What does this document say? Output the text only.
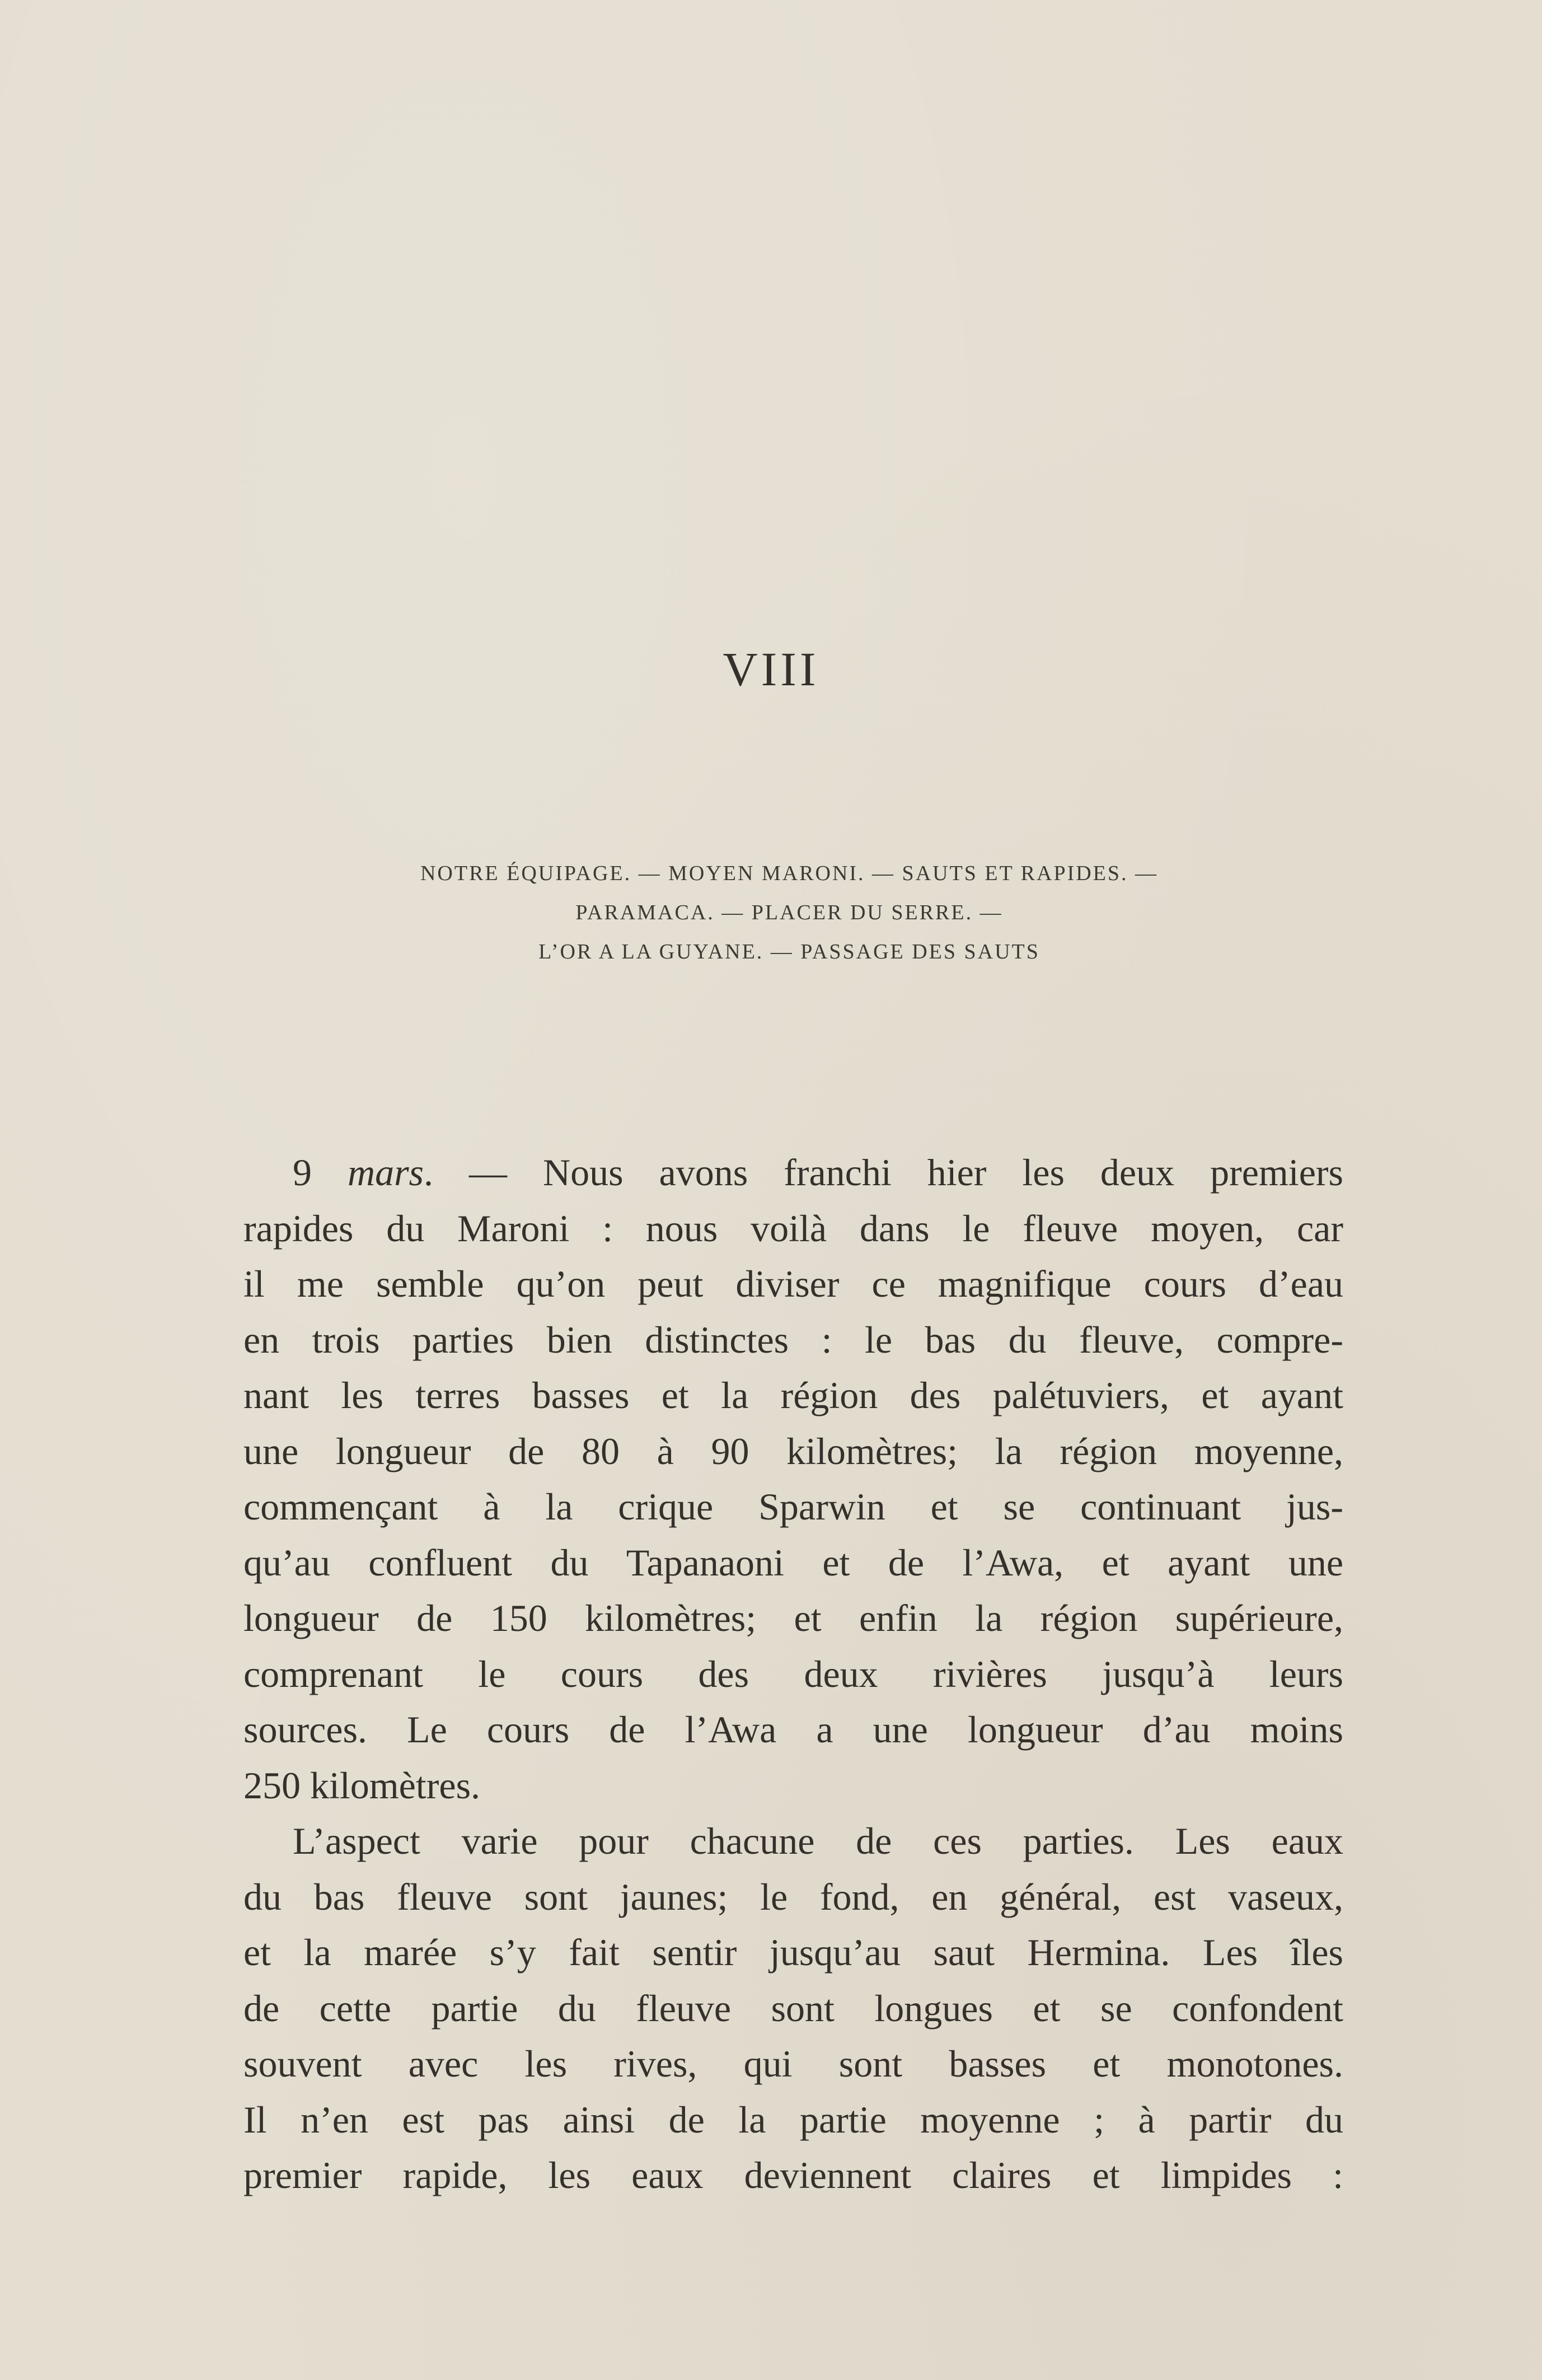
VIII
NOTRE ÉQUIPAGE. — MOYEN MARONI. — SAUTS ET RAPIDES. —
PARAMACA. — PLACER DU SERRE. —
L’OR A LA GUYANE. — PASSAGE DES SAUTS
9 mars. — Nous avons franchi hier les deux premiers
rapides du Maroni : nous voilà dans le fleuve moyen, car
il me semble qu’on peut diviser ce magnifique cours d’eau
en trois parties bien distinctes : le bas du fleuve, compre-
nant les terres basses et la région des palétuviers, et ayant
une longueur de 80 à 90 kilomètres; la région moyenne,
commençant à la crique Sparwin et se continuant jus-
qu’au confluent du Tapanaoni et de l’Awa, et ayant une
longueur de 150 kilomètres; et enfin la région supérieure,
comprenant le cours des deux rivières jusqu’à leurs
sources. Le cours de l’Awa a une longueur d’au moins
250 kilomètres.
L’aspect varie pour chacune de ces parties. Les eaux
du bas fleuve sont jaunes; le fond, en général, est vaseux,
et la marée s’y fait sentir jusqu’au saut Hermina. Les îles
de cette partie du fleuve sont longues et se confondent
souvent avec les rives, qui sont basses et monotones.
Il n’en est pas ainsi de la partie moyenne ; à partir du
premier rapide, les eaux deviennent claires et limpides :
